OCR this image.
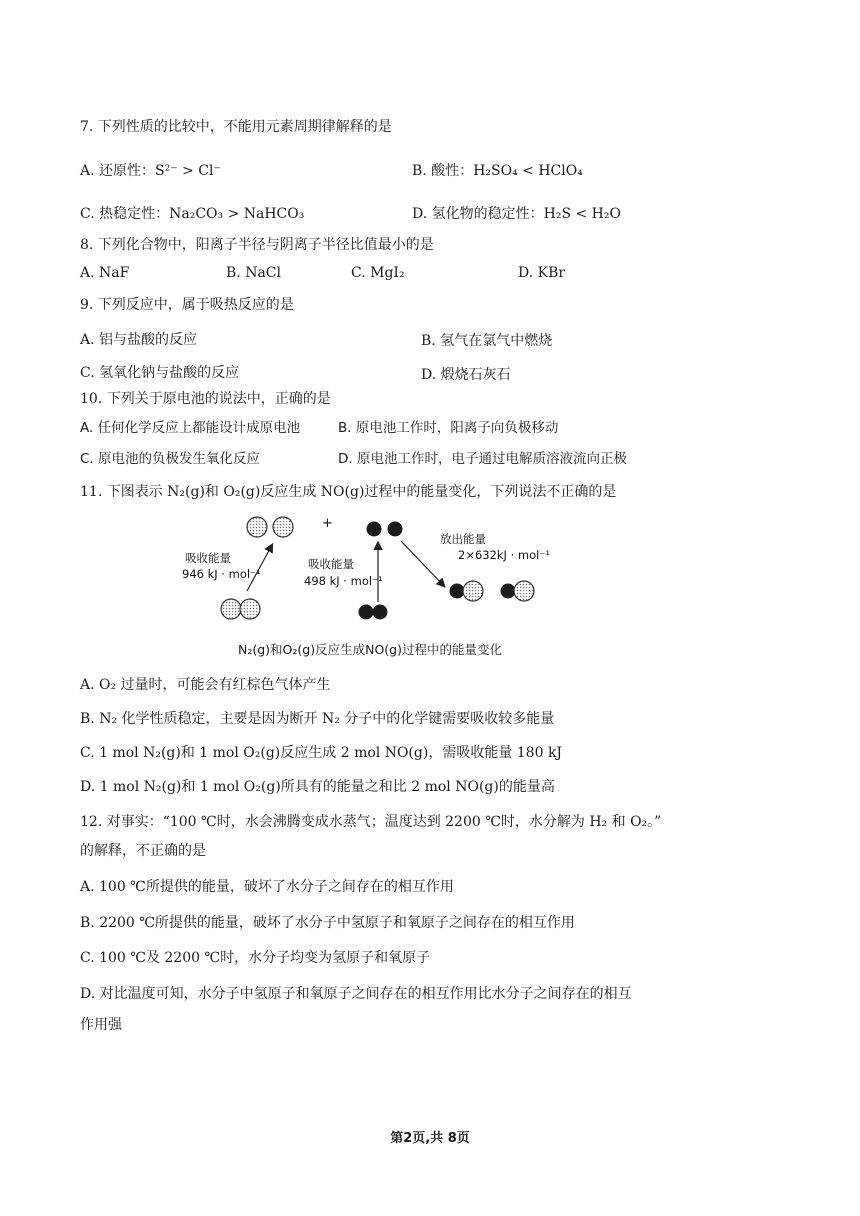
7. 下列性质的比较中，不能用元素周期律解释的是
A. 还原性：S²⁻ > Cl⁻	B. 酸性：H₂SO₄ < HClO₄
C. 热稳定性：Na₂CO₃ > NaHCO₃	D. 氢化物的稳定性：H₂S < H₂O
8. 下列化合物中，阳离子半径与阴离子半径比值最小的是
A. NaF	B. NaCl	C. MgI₂	D. KBr
9. 下列反应中，属于吸热反应的是
A. 铝与盐酸的反应	B. 氢气在氯气中燃烧
C. 氢氧化钠与盐酸的反应	D. 煅烧石灰石
10. 下列关于原电池的说法中，正确的是
A. 任何化学反应上都能设计成原电池	B. 原电池工作时，阳离子向负极移动
C. 原电池的负极发生氧化反应	D. 原电池工作时，电子通过电解质溶液流向正极
11. 下图表示 N₂(g)和 O₂(g)反应生成 NO(g)过程中的能量变化，下列说法不正确的是
+
吸收能量
946 kJ · mol⁻¹
吸收能量
498 kJ · mol⁻¹
放出能量
2×632kJ · mol⁻¹
N₂(g)和O₂(g)反应生成NO(g)过程中的能量变化
A. O₂ 过量时，可能会有红棕色气体产生
B. N₂ 化学性质稳定，主要是因为断开 N₂ 分子中的化学键需要吸收较多能量
C. 1 mol N₂(g)和 1 mol O₂(g)反应生成 2 mol NO(g)，需吸收能量 180 kJ
D. 1 mol N₂(g)和 1 mol O₂(g)所具有的能量之和比 2 mol NO(g)的能量高
12. 对事实：“100 ℃时，水会沸腾变成水蒸气；温度达到 2200 ℃时，水分解为 H₂ 和 O₂。”
的解释，不正确的是
A. 100 ℃所提供的能量，破坏了水分子之间存在的相互作用
B. 2200 ℃所提供的能量，破坏了水分子中氢原子和氧原子之间存在的相互作用
C. 100 ℃及 2200 ℃时，水分子均变为氢原子和氧原子
D. 对比温度可知，水分子中氢原子和氧原子之间存在的相互作用比水分子之间存在的相互
作用强
第2页,共 8页
